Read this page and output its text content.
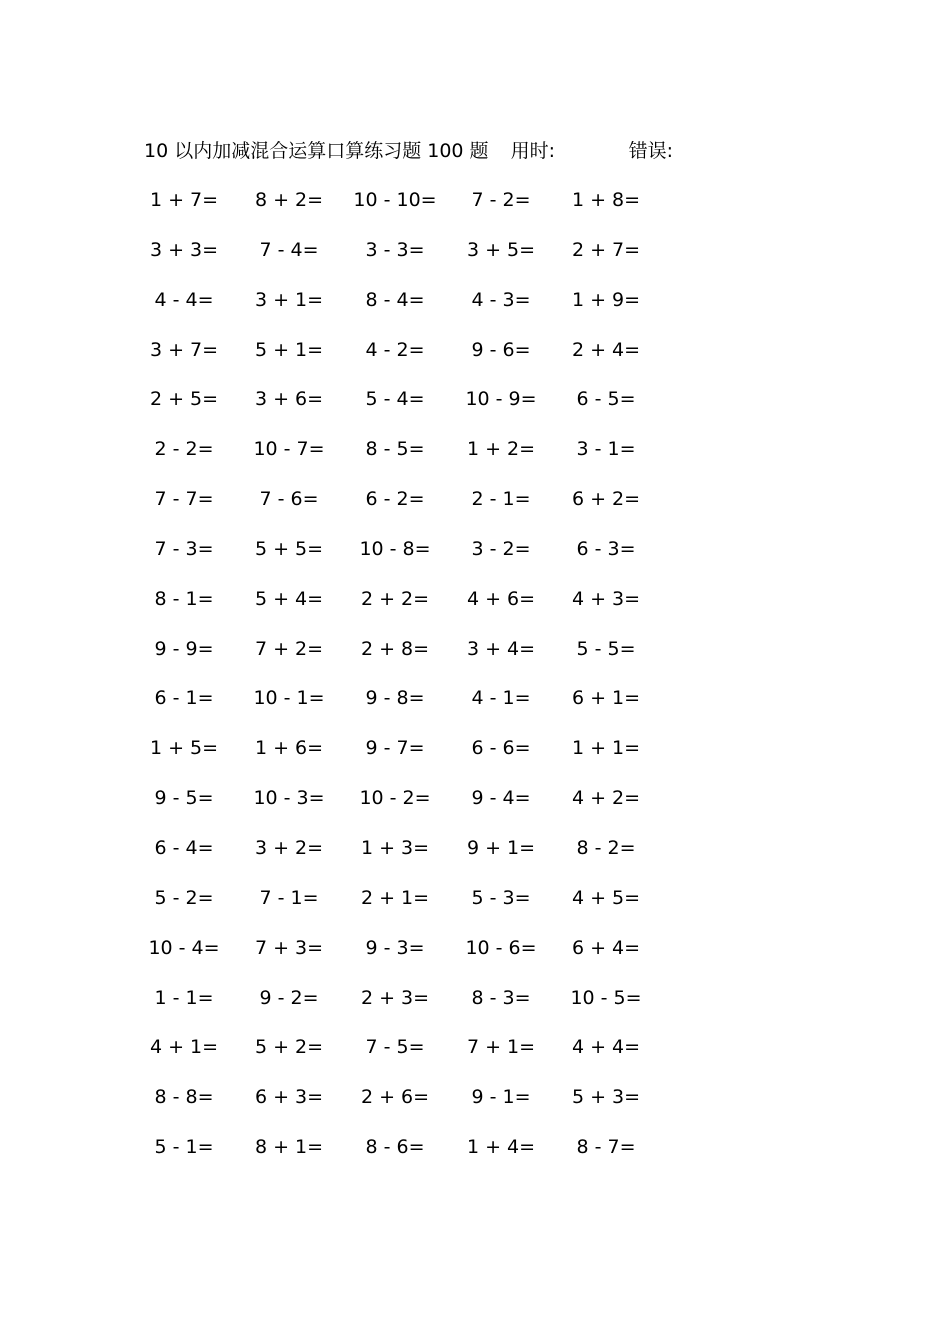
10 以内加减混合运算口算练习题 100 题 用时:	错误:
1 + 7=	8 + 2=	10 - 10=	7 - 2=	1 + 8=
3 + 3=	7 - 4=	3 - 3=	3 + 5=	2 + 7=
4 - 4=	3 + 1=	8 - 4=	4 - 3=	1 + 9=
3 + 7=	5 + 1=	4 - 2=	9 - 6=	2 + 4=
2 + 5=	3 + 6=	5 - 4=	10 - 9=	6 - 5=
2 - 2=	10 - 7=	8 - 5=	1 + 2=	3 - 1=
7 - 7=	7 - 6=	6 - 2=	2 - 1=	6 + 2=
7 - 3=	5 + 5=	10 - 8=	3 - 2=	6 - 3=
8 - 1=	5 + 4=	2 + 2=	4 + 6=	4 + 3=
9 - 9=	7 + 2=	2 + 8=	3 + 4=	5 - 5=
6 - 1=	10 - 1=	9 - 8=	4 - 1=	6 + 1=
1 + 5=	1 + 6=	9 - 7=	6 - 6=	1 + 1=
9 - 5=	10 - 3=	10 - 2=	9 - 4=	4 + 2=
6 - 4=	3 + 2=	1 + 3=	9 + 1=	8 - 2=
5 - 2=	7 - 1=	2 + 1=	5 - 3=	4 + 5=
10 - 4=	7 + 3=	9 - 3=	10 - 6=	6 + 4=
1 - 1=	9 - 2=	2 + 3=	8 - 3=	10 - 5=
4 + 1=	5 + 2=	7 - 5=	7 + 1=	4 + 4=
8 - 8=	6 + 3=	2 + 6=	9 - 1=	5 + 3=
5 - 1=	8 + 1=	8 - 6=	1 + 4=	8 - 7=
